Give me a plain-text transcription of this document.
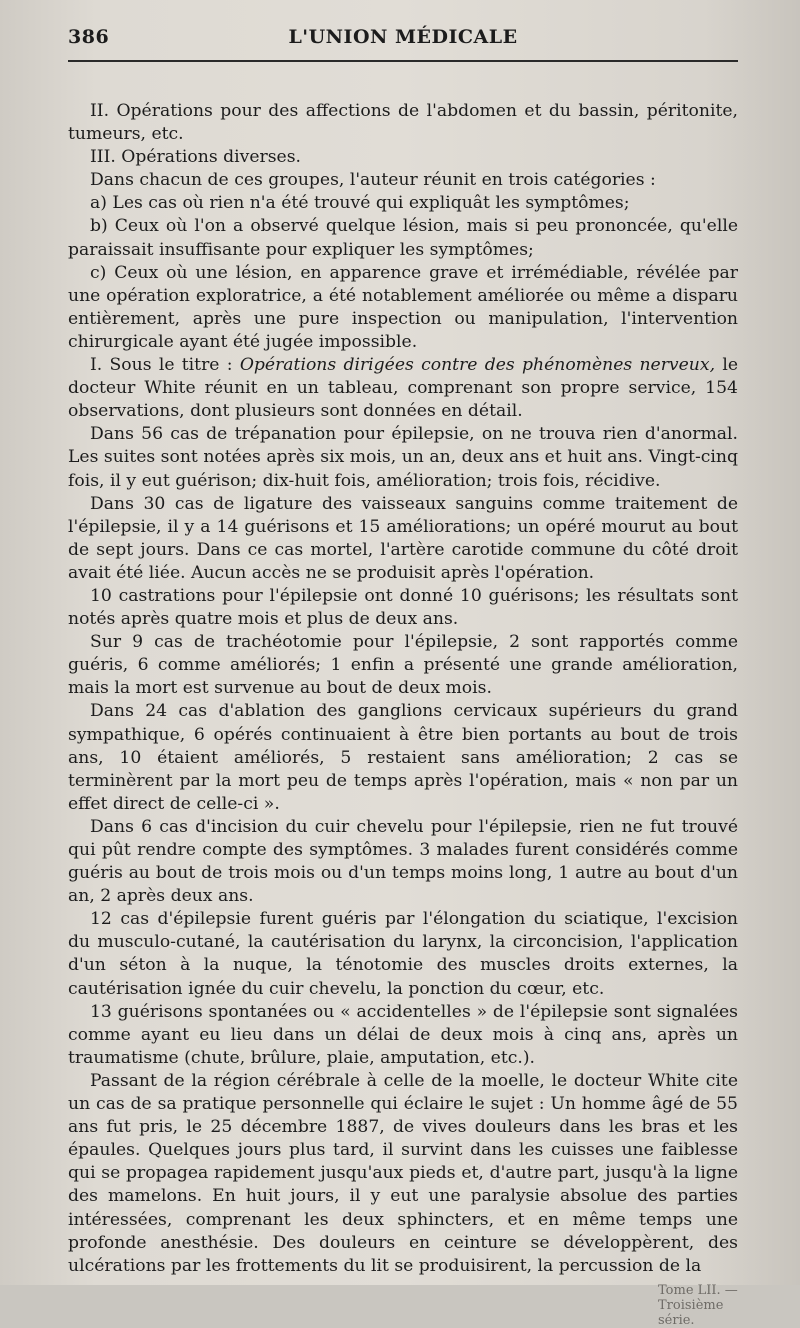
386	L'UNION MÉDICALE

II. Opérations pour des affections de l'abdomen et du bassin, péritonite, tumeurs, etc.

III. Opérations diverses.

Dans chacun de ces groupes, l'auteur réunit en trois catégories :

a) Les cas où rien n'a été trouvé qui expliquât les symptômes;

b) Ceux où l'on a observé quelque lésion, mais si peu prononcée, qu'elle paraissait insuffisante pour expliquer les symptômes;

c) Ceux où une lésion, en apparence grave et irrémédiable, révélée par une opération exploratrice, a été notablement améliorée ou même a disparu entièrement, après une pure inspection ou manipulation, l'intervention chirurgicale ayant été jugée impossible.

I. Sous le titre : Opérations dirigées contre des phénomènes nerveux, le docteur White réunit en un tableau, comprenant son propre service, 154 observations, dont plusieurs sont données en détail.

Dans 56 cas de trépanation pour épilepsie, on ne trouva rien d'anormal. Les suites sont notées après six mois, un an, deux ans et huit ans. Vingt-cinq fois, il y eut guérison; dix-huit fois, amélioration; trois fois, récidive.

Dans 30 cas de ligature des vaisseaux sanguins comme traitement de l'épilepsie, il y a 14 guérisons et 15 améliorations; un opéré mourut au bout de sept jours. Dans ce cas mortel, l'artère carotide commune du côté droit avait été liée. Aucun accès ne se produisit après l'opération.

10 castrations pour l'épilepsie ont donné 10 guérisons; les résultats sont notés après quatre mois et plus de deux ans.

Sur 9 cas de trachéotomie pour l'épilepsie, 2 sont rapportés comme guéris, 6 comme améliorés; 1 enfin a présenté une grande amélioration, mais la mort est survenue au bout de deux mois.

Dans 24 cas d'ablation des ganglions cervicaux supérieurs du grand sympathique, 6 opérés continuaient à être bien portants au bout de trois ans, 10 étaient améliorés, 5 restaient sans amélioration; 2 cas se terminèrent par la mort peu de temps après l'opération, mais « non par un effet direct de celle-ci ».

Dans 6 cas d'incision du cuir chevelu pour l'épilepsie, rien ne fut trouvé qui pût rendre compte des symptômes. 3 malades furent considérés comme guéris au bout de trois mois ou d'un temps moins long, 1 autre au bout d'un an, 2 après deux ans.

12 cas d'épilepsie furent guéris par l'élongation du sciatique, l'excision du musculo-cutané, la cautérisation du larynx, la circoncision, l'application d'un séton à la nuque, la ténotomie des muscles droits externes, la cautérisation ignée du cuir chevelu, la ponction du cœur, etc.

13 guérisons spontanées ou « accidentelles » de l'épilepsie sont signalées comme ayant eu lieu dans un délai de deux mois à cinq ans, après un traumatisme (chute, brûlure, plaie, amputation, etc.).

Passant de la région cérébrale à celle de la moelle, le docteur White cite un cas de sa pratique personnelle qui éclaire le sujet : Un homme âgé de 55 ans fut pris, le 25 décembre 1887, de vives douleurs dans les bras et les épaules. Quelques jours plus tard, il survint dans les cuisses une faiblesse qui se propagea rapidement jusqu'aux pieds et, d'autre part, jusqu'à la ligne des mamelons. En huit jours, il y eut une paralysie absolue des parties intéressées, comprenant les deux sphincters, et en même temps une profonde anesthésie. Des douleurs en ceinture se développèrent, des ulcérations par les frottements du lit se produisirent, la percussion de la

Tome LII. — Troisième série.
